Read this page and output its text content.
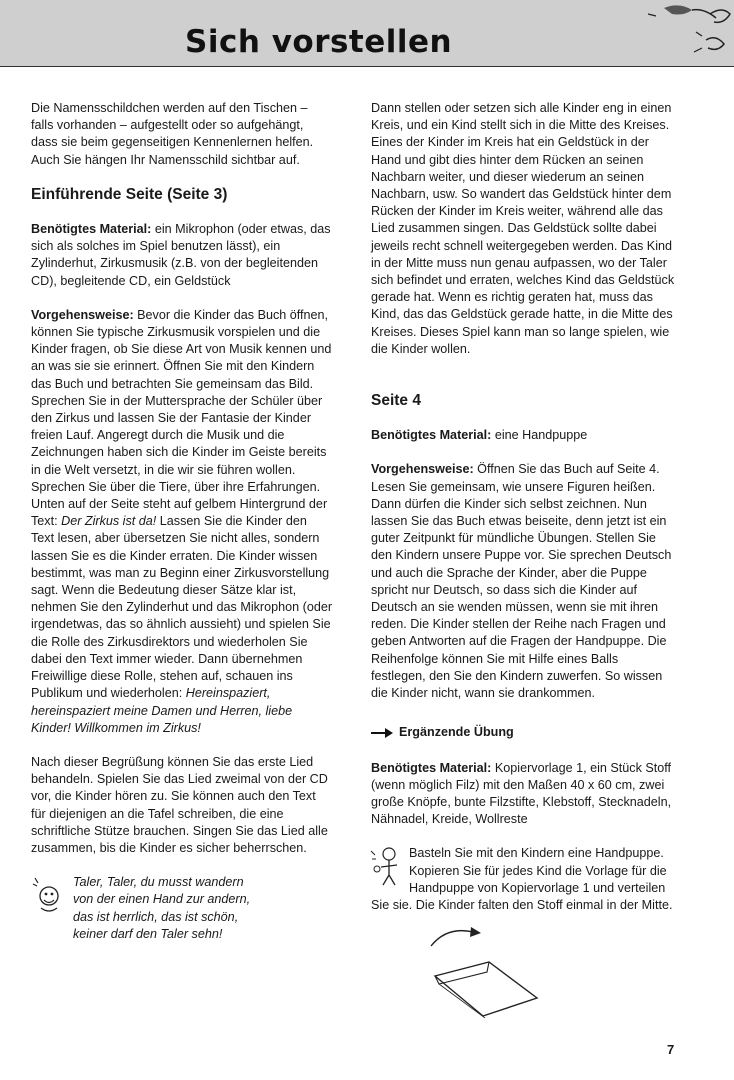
Sich vorstellen

Die Namensschildchen werden auf den Tischen – falls vorhanden – aufgestellt oder so aufgehängt, dass sie beim gegenseitigen Kennenlernen helfen. Auch Sie hängen Ihr Namensschild sichtbar auf.

Einführende Seite (Seite 3)

Benötigtes Material: ein Mikrophon (oder etwas, das sich als solches im Spiel benutzen lässt), ein Zylinderhut, Zirkusmusik (z.B. von der begleitenden CD), begleitende CD, ein Geldstück

Vorgehensweise: Bevor die Kinder das Buch öffnen, können Sie typische Zirkusmusik vorspielen und die Kinder fragen, ob Sie diese Art von Musik kennen und an was sie sie erinnert. Öffnen Sie mit den Kindern das Buch und betrachten Sie gemeinsam das Bild. Sprechen Sie in der Muttersprache der Schüler über den Zirkus und lassen Sie der Fantasie der Kinder freien Lauf. Angeregt durch die Musik und die Zeichnungen haben sich die Kinder im Geiste bereits in die Welt versetzt, in die wir sie führen wollen. Sprechen Sie über die Tiere, über ihre Erfahrungen. Unten auf der Seite steht auf gelbem Hintergrund der Text: Der Zirkus ist da! Lassen Sie die Kinder den Text lesen, aber übersetzen Sie nicht alles, sondern lassen Sie es die Kinder erraten. Die Kinder wissen bestimmt, was man zu Beginn einer Zirkusvorstellung sagt. Wenn die Bedeutung dieser Sätze klar ist, nehmen Sie den Zylinderhut und das Mikrophon (oder irgendetwas, das so ähnlich aussieht) und spielen Sie die Rolle des Zirkusdirektors und wiederholen Sie dabei den Text immer wieder. Dann übernehmen Freiwillige diese Rolle, stehen auf, schauen ins Publikum und wiederholen: Hereinspaziert, hereinspaziert meine Damen und Herren, liebe Kinder! Willkommen im Zirkus!

Nach dieser Begrüßung können Sie das erste Lied behandeln. Spielen Sie das Lied zweimal von der CD vor, die Kinder hören zu. Sie können auch den Text für diejenigen an die Tafel schreiben, die eine schriftliche Stütze brauchen. Singen Sie das Lied alle zusammen, bis die Kinder es sicher beherrschen.

Taler, Taler, du musst wandern
von der einen Hand zur andern,
das ist herrlich, das ist schön,
keiner darf den Taler sehn!

Dann stellen oder setzen sich alle Kinder eng in einen Kreis, und ein Kind stellt sich in die Mitte des Kreises. Eines der Kinder im Kreis hat ein Geldstück in der Hand und gibt dies hinter dem Rücken an seinen Nachbarn weiter, und dieser wiederum an seinen Nachbarn, usw. So wandert das Geldstück hinter dem Rücken der Kinder im Kreis weiter, während alle das Lied zusammen singen. Das Geldstück sollte dabei jeweils recht schnell weitergegeben werden. Das Kind in der Mitte muss nun genau aufpassen, wo der Taler sich befindet und erraten, welches Kind das Geldstück gerade hat. Wenn es richtig geraten hat, muss das Kind, das das Geldstück gerade hatte, in die Mitte des Kreises. Dieses Spiel kann man so lange spielen, wie die Kinder wollen.

Seite 4

Benötigtes Material: eine Handpuppe

Vorgehensweise: Öffnen Sie das Buch auf Seite 4. Lesen Sie gemeinsam, wie unsere Figuren heißen. Dann dürfen die Kinder sich selbst zeichnen. Nun lassen Sie das Buch etwas beiseite, denn jetzt ist ein guter Zeitpunkt für mündliche Übungen. Stellen Sie den Kindern unsere Puppe vor. Sie sprechen Deutsch und auch die Sprache der Kinder, aber die Puppe spricht nur Deutsch, so dass sich die Kinder auf Deutsch an sie wenden müssen, wenn sie mit ihren reden. Die Kinder stellen der Reihe nach Fragen und geben Antworten auf die Fragen der Handpuppe. Die Reihenfolge können Sie mit Hilfe eines Balls festlegen, den Sie den Kindern zuwerfen. So wissen die Kinder nicht, wann sie drankommen.

Ergänzende Übung

Benötigtes Material: Kopiervorlage 1, ein Stück Stoff (wenn möglich Filz) mit den Maßen 40 x 60 cm, zwei große Knöpfe, bunte Filzstifte, Klebstoff, Stecknadeln, Nähnadel, Kreide, Wollreste

Basteln Sie mit den Kindern eine Handpuppe. Kopieren Sie für jedes Kind die Vorlage für die Handpuppe von Kopiervorlage 1 und verteilen Sie sie. Die Kinder falten den Stoff einmal in der Mitte.
7
